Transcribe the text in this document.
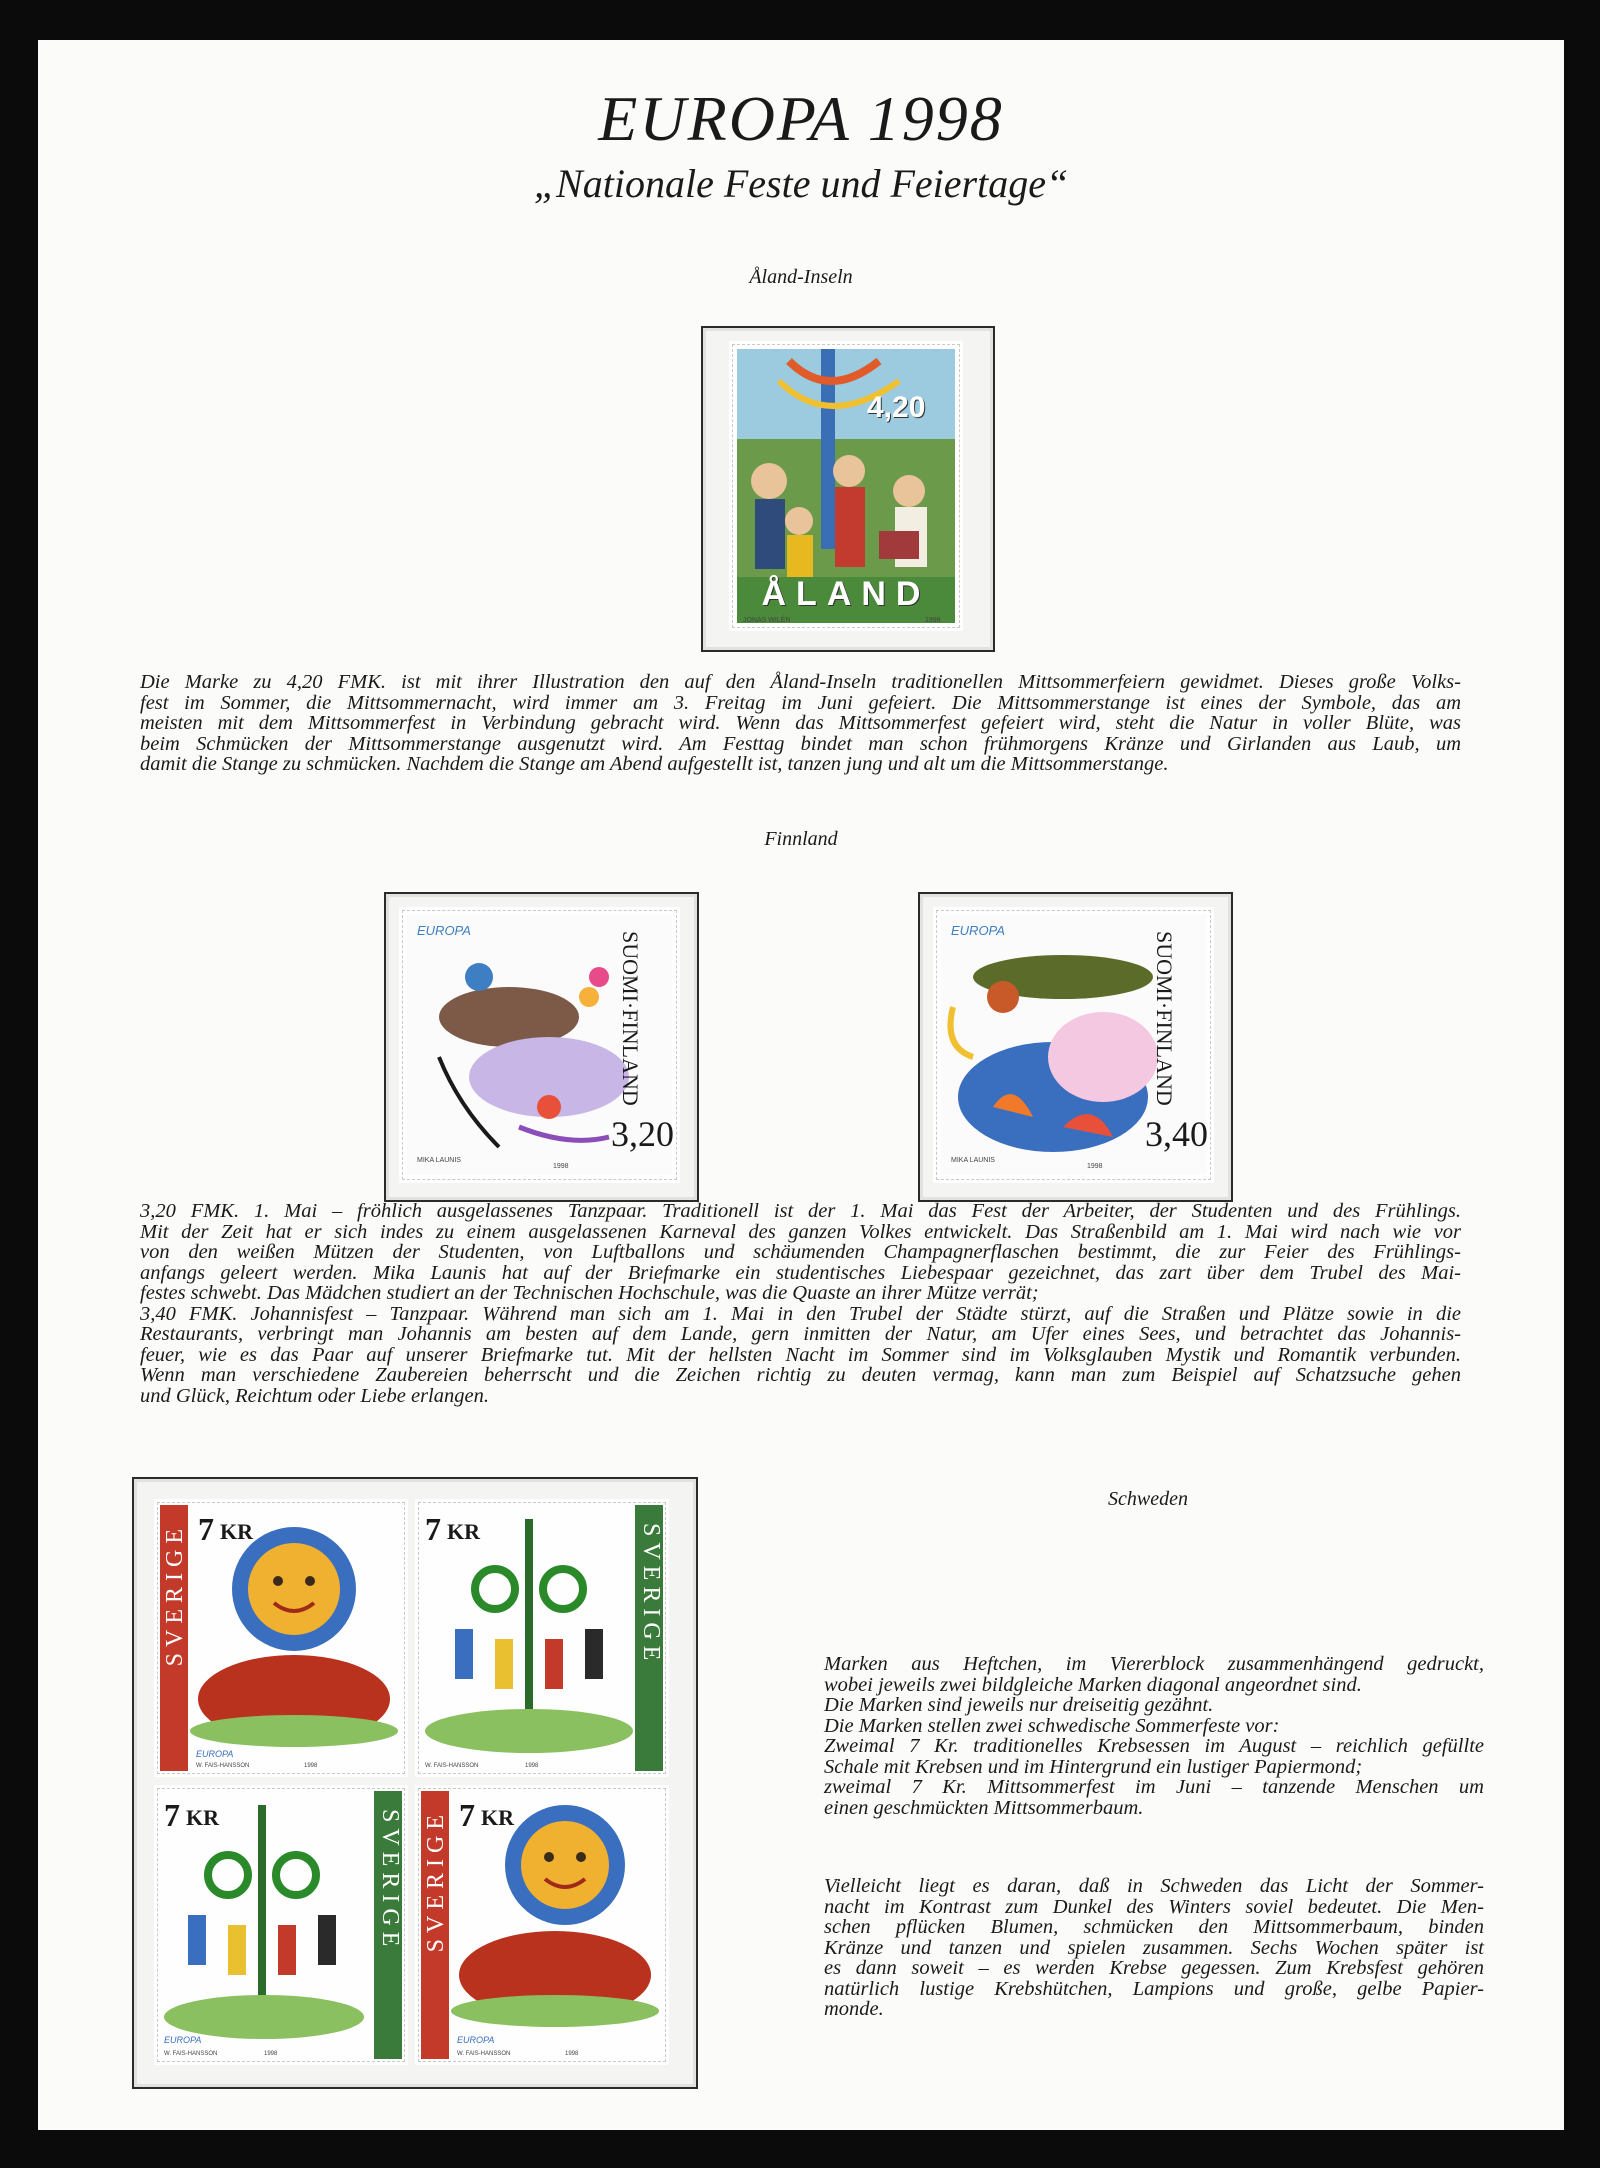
EUROPA 1998
„Nationale Feste und Feiertage“
Åland-Inseln
4,20
ÅLAND
JONAS WILÉN	1998
Die Marke zu 4,20 FMK. ist mit ihrer Illustration den auf den Åland-Inseln traditionellen Mittsommerfeiern gewidmet. Dieses große Volks-
fest im Sommer, die Mittsommernacht, wird immer am 3. Freitag im Juni gefeiert. Die Mittsommerstange ist eines der Symbole, das am
meisten mit dem Mittsommerfest in Verbindung gebracht wird. Wenn das Mittsommerfest gefeiert wird, steht die Natur in voller Blüte, was
beim Schmücken der Mittsommerstange ausgenutzt wird. Am Festtag bindet man schon frühmorgens Kränze und Girlanden aus Laub, um
damit die Stange zu schmücken. Nachdem die Stange am Abend aufgestellt ist, tanzen jung und alt um die Mittsommerstange.
Finnland
EUROPA
SUOMI·FINLAND
3,20
MIKA LAUNIS
1998
EUROPA
SUOMI·FINLAND
3,40
MIKA LAUNIS
1998
3,20 FMK. 1. Mai – fröhlich ausgelassenes Tanzpaar. Traditionell ist der 1. Mai das Fest der Arbeiter, der Studenten und des Frühlings.
Mit der Zeit hat er sich indes zu einem ausgelassenen Karneval des ganzen Volkes entwickelt. Das Straßenbild am 1. Mai wird nach wie vor
von den weißen Mützen der Studenten, von Luftballons und schäumenden Champagnerflaschen bestimmt, die zur Feier des Frühlings-
anfangs geleert werden. Mika Launis hat auf der Briefmarke ein studentisches Liebespaar gezeichnet, das zart über dem Trubel des Mai-
festes schwebt. Das Mädchen studiert an der Technischen Hochschule, was die Quaste an ihrer Mütze verrät;
3,40 FMK. Johannisfest – Tanzpaar. Während man sich am 1. Mai in den Trubel der Städte stürzt, auf die Straßen und Plätze sowie in die
Restaurants, verbringt man Johannis am besten auf dem Lande, gern inmitten der Natur, am Ufer eines Sees, und betrachtet das Johannis-
feuer, wie es das Paar auf unserer Briefmarke tut. Mit der hellsten Nacht im Sommer sind im Volksglauben Mystik und Romantik verbunden.
Wenn man verschiedene Zaubereien beherrscht und die Zeichen richtig zu deuten vermag, kann man zum Beispiel auf Schatzsuche gehen
und Glück, Reichtum oder Liebe erlangen.
7 KR
SVERIGE
EUROPA
W. FAIS-HANSSON	1998
7 KR	SVERIGE
W. FAIS-HANSSON	1998
7 KR	SVERIGE
EUROPA
W. FAIS-HANSSON	1998
7 KR
SVERIGE
EUROPA
W. FAIS-HANSSON	1998
Schweden
Marken aus Heftchen, im Viererblock zusammenhängend gedruckt,
wobei jeweils zwei bildgleiche Marken diagonal angeordnet sind.
Die Marken sind jeweils nur dreiseitig gezähnt.
Die Marken stellen zwei schwedische Sommerfeste vor:
Zweimal 7 Kr. traditionelles Krebsessen im August – reichlich gefüllte
Schale mit Krebsen und im Hintergrund ein lustiger Papiermond;
zweimal 7 Kr. Mittsommerfest im Juni – tanzende Menschen um
einen geschmückten Mittsommerbaum.
Vielleicht liegt es daran, daß in Schweden das Licht der Sommer-
nacht im Kontrast zum Dunkel des Winters soviel bedeutet. Die Men-
schen pflücken Blumen, schmücken den Mittsommerbaum, binden
Kränze und tanzen und spielen zusammen. Sechs Wochen später ist
es dann soweit – es werden Krebse gegessen. Zum Krebsfest gehören
natürlich lustige Krebshütchen, Lampions und große, gelbe Papier-
monde.
